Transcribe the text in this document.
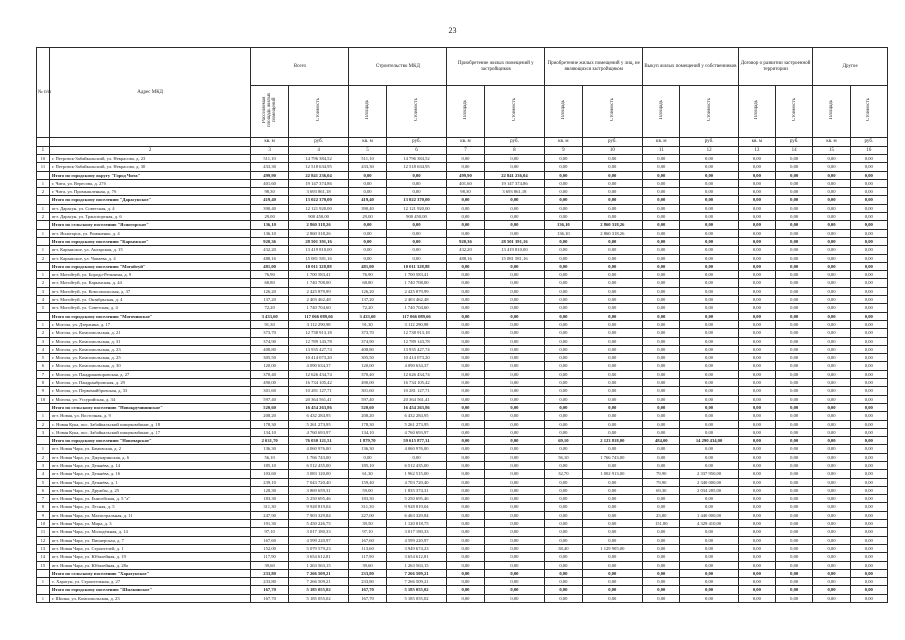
23
№ п/п	Адрес МКД	Всего		Строительство МКД		Приобретение жилых помещений у застройщиков		Приобретение жилых помещений у лиц, не являющихся застройщиком		Выкуп жилых помещений у собственников		Договор о развитии застроенной территории		Другое	
		Расселяемая площадь жилых помещений	Стоимость	Площадь	Стоимость	Площадь	Стоимость	Площадь	Стоимость	Площадь	Стоимость	Площадь	Стоимость	Площадь	Стоимость
		кв. м	руб.	кв. м	руб.	кв. м	руб.	кв. м	руб.	кв. м	руб.	кв. м	руб.	кв. м	руб.
1	2	3	4	5	6	7	8	9	10	11	12	13	14	15	16
10	г. Петровск-Забайкальский, ул. Некрасова, д. 23	511,10	14 796 384,52	511,10	14 796 384,52	0,00	0,00	0,00	0,00	0,00	0,00	0,00	0,00	0,00	0,00
11	г. Петровск-Забайкальский, ул. Некрасова, д. 30	433,30	12 518 634,95	433,30	12 518 634,95	0,00	0,00	0,00	0,00	0,00	0,00	0,00	0,00	0,00	0,00
	Итого по городскому округу "Город Чита"	499,90	22 841 236,04	0,00	0,00	499,90	22 841 236,04	0,00	0,00	0,00	0,00	0,00	0,00	0,00	0,00
1	г. Чита, ул. Вересова, д. 27б	401,60	19 147 374,86	0,00	0,00	401,60	19 147 374,86	0,00	0,00	0,00	0,00	0,00	0,00	0,00	0,00
2	г. Чита, ул. Промышленная, д. 7б	98,30	3 693 861,18	0,00	0,00	98,30	3 693 861,18	0,00	0,00	0,00	0,00	0,00	0,00	0,00	0,00
	Итого по городскому поселению "Дарасунское"	419,40	13 022 370,00	419,40	13 022 370,00	0,00	0,00	0,00	0,00	0,00	0,00	0,00	0,00	0,00	0,00
1	пгт. Дарасун, ул. Советская, д. 4	390,40	12 121 920,00	390,40	12 121 920,00	0,00	0,00	0,00	0,00	0,00	0,00	0,00	0,00	0,00	0,00
2	пгт. Дарасун, ул. Транспортная, д. 6	29,00	900 450,00	29,00	900 450,00	0,00	0,00	0,00	0,00	0,00	0,00	0,00	0,00	0,00	0,00
	Итого по сельскому поселению "Ясногорское"	136,10	2 860 318,26	0,00	0,00	0,00	0,00	136,10	2 860 318,26	0,00	0,00	0,00	0,00	0,00	0,00
1	пгт. Ясногорск, ул. Романенко, д. 4	136,10	2 860 318,26	0,00	0,00	0,00	0,00	136,10	2 860 318,26	0,00	0,00	0,00	0,00	0,00	0,00
	Итого по городскому поселению "Карымское"	920,36	28 501 391,16	0,00	0,00	920,36	28 501 391,16	0,00	0,00	0,00	0,00	0,00	0,00	0,00	0,00
1	пгт. Карымское, ул. Ангарская, д. 15	432,20	13 419 810,00	0,00	0,00	432,20	13 419 810,00	0,00	0,00	0,00	0,00	0,00	0,00	0,00	0,00
2	пгт. Карымское, ул. Чапаева, д. 4	488,16	15 081 581,16	0,00	0,00	488,16	15 081 581,16	0,00	0,00	0,00	0,00	0,00	0,00	0,00	0,00
	Итого по городскому поселению "Могойтуй"	481,00	10 011 328,88	481,00	10 011 328,88	0,00	0,00	0,00	0,00	0,00	0,00	0,00	0,00	0,00	0,00
1	пгт. Могойтуй, ул. Бородо-Рельчина, д. 9	76,90	1 700 583,41	76,90	1 700 583,41	0,00	0,00	0,00	0,00	0,00	0,00	0,00	0,00	0,00	0,00
2	пгт. Могойтуй, ул. Карымская, д. 44	68,80	1 740 708,00	68,80	1 740 708,00	0,00	0,00	0,00	0,00	0,00	0,00	0,00	0,00	0,00	0,00
3	пгт. Могойтуй, ул. Комсомольская, д. 37	126,20	2 425 879,99	126,20	2 425 879,99	0,00	0,00	0,00	0,00	0,00	0,00	0,00	0,00	0,00	0,00
4	пгт. Могойтуй, ул. Октябрьская, д. 4	137,20	2 403 462,48	137,20	2 403 462,48	0,00	0,00	0,00	0,00	0,00	0,00	0,00	0,00	0,00	0,00
5	пгт. Могойтуй, ул. Советская, д. 4	72,20	1 740 704,60	72,20	1 740 704,60	0,00	0,00	0,00	0,00	0,00	0,00	0,00	0,00	0,00	0,00
	Итого по городскому поселению "Могочинское"	3 433,60	117 066 089,66	3 433,60	117 066 089,66	0,00	0,00	0,00	0,00	0,00	0,00	0,00	0,00	0,00	0,00
1	г. Могоча, ул. Дзержина, д. 17	91,30	3 112 290,98	91,30	3 112 290,98	0,00	0,00	0,00	0,00	0,00	0,00	0,00	0,00	0,00	0,00
2	г. Могоча, ул. Комсомольская, д. 21	373,70	12 738 913,18	373,70	12 738 913,18	0,00	0,00	0,00	0,00	0,00	0,00	0,00	0,00	0,00	0,00
3	г. Могоча, ул. Комсомольская, д. 31	374,90	12 789 143,78	374,90	12 789 143,78	0,00	0,00	0,00	0,00	0,00	0,00	0,00	0,00	0,00	0,00
4	г. Могоча, ул. Комсомольская, д. 23	408,80	13 935 427,74	408,80	13 935 427,74	0,00	0,00	0,00	0,00	0,00	0,00	0,00	0,00	0,00	0,00
5	г. Могоча, ул. Комсомольская, д. 25	305,50	10 414 073,20	305,50	10 414 073,20	0,00	0,00	0,00	0,00	0,00	0,00	0,00	0,00	0,00	0,00
6	г. Могоча, ул. Комсомольская, д. 30	120,00	4 090 634,37	120,00	4 090 634,37	0,00	0,00	0,00	0,00	0,00	0,00	0,00	0,00	0,00	0,00
7	г. Могоча, ул. Пандрановоровская, д. 27	370,40	12 626 434,74	370,40	12 626 434,74	0,00	0,00	0,00	0,00	0,00	0,00	0,00	0,00	0,00	0,00
8	г. Могоча, ул. Пандранбровская, д. 29	490,00	16 734 105,42	490,00	16 734 105,42	0,00	0,00	0,00	0,00	0,00	0,00	0,00	0,00	0,00	0,00
9	г. Могоча, ул. Первомайбровская, д. 33	301,60	10 281 127,71	301,60	10 281 127,71	0,00	0,00	0,00	0,00	0,00	0,00	0,00	0,00	0,00	0,00
10	г. Могоча, ул. Уссурийская, д. 34	597,40	20 364 561,41	597,40	20 364 561,41	0,00	0,00	0,00	0,00	0,00	0,00	0,00	0,00	0,00	0,00
	Итого по сельскому поселению "Новокручининское"	520,60	16 454 263,86	520,60	16 454 263,86	0,00	0,00	0,00	0,00	0,00	0,00	0,00	0,00	0,00	0,00
1	пгт. Новая, ул. Восточная, д. 9	208,20	6 432 284,95	208,20	6 432 284,95	0,00	0,00	0,00	0,00	0,00	0,00	0,00	0,00	0,00	0,00
2	с. Новая Кука, пос. Забайкальский пищекомбинат, д. 18	178,30	5 261 273,95	178,30	5 261 273,95	0,00	0,00	0,00	0,00	0,00	0,00	0,00	0,00	0,00	0,00
3	с. Новая Кука, пос. Забайкальский пищекомбинат, д. 17	134,10	4 760 693,97	134,10	4 760 693,97	0,00	0,00	0,00	0,00	0,00	0,00	0,00	0,00	0,00	0,00
	Итого по городскому поселению "Новочарское"	2 631,70	76 030 121,51	1 879,70	59 615 877,31	0,00	0,00	69,10	2 123 818,00	484,00	14 290 434,00	0,00	0,00	0,00	0,00
1	пгт. Новая Чара, ул. Бамовская, д. 2	136,30	4 060 976,00	136,30	4 060 976,00	0,00	0,00	0,00	0,00	0,00	0,00	0,00	0,00	0,00	0,00
2	пгт. Новая Чара, ул. Джукаринская, д. 6	56,10	1 766 743,00	0,00	0,00	0,00	0,00	56,10	1 766 743,00	0,00	0,00	0,00	0,00	0,00	0,00
3	пгт. Новая Чара, ул. Дежнёва, д. 14	185,10	6 512 435,00	185,10	6 512 435,00	0,00	0,00	0,00	0,00	0,00	0,00	0,00	0,00	0,00	0,00
4	пгт. Новая Чара, ул. Дежнёва, д. 16	103,60	3 083 120,00	61,30	1 962 515,00	0,00	0,00	32,70	1 002 913,00	79,90	2 337 950,00	0,00	0,00	0,00	0,00
5	пгт. Новая Чара, ул. Дежнёва, д. 1	239,10	7 043 720,40	159,40	4 703 720,40	0,00	0,00	0,00	0,00	79,90	2 340 000,00	0,00	0,00	0,00	0,00
6	пгт. Новая Чара, ул. Дружбы, д. 25	128,30	3 869 659,31	59,00	1 835 374,31	0,00	0,00	0,00	0,00	69,30	2 034 285,00	0,00	0,00	0,00	0,00
7	пгт. Новая Чара, ул. Енисейская, д. 5 "а"	183,30	5 250 695,46	183,30	5 250 695,46	0,00	0,00	0,00	0,00	0,00	0,00	0,00	0,00	0,00	0,00
8	пгт. Новая Чара, ул. Лесная, д. 5	311,30	9 928 819,04	311,30	9 928 819,04	0,00	0,00	0,00	0,00	0,00	0,00	0,00	0,00	0,00	0,00
9	пгт. Новая Чара, ул. Магистральная, д. 11	247,90	7 903 329,84	227,00	6 463 329,84	0,00	0,00	0,00	0,00	23,80	1 440 000,00	0,00	0,00	0,00	0,00
10	пгт. Новая Чара, ул. Мира, д. 3	191,30	5 450 226,75	39,50	1 120 818,75	0,00	0,00	0,00	0,00	151,80	4 329 410,00	0,00	0,00	0,00	0,00
11	пгт. Новая Чара, ул. Молодёжная, д. 14	97,10	3 017 180,33	97,10	3 017 180,33	0,00	0,00	0,00	0,00	0,00	0,00	0,00	0,00	0,00	0,00
12	пгт. Новая Чара, ул. Пионерская, д. 7	167,60	4 599 220,97	167,60	4 599 220,97	0,00	0,00	0,00	0,00	0,00	0,00	0,00	0,00	0,00	0,00
13	пгт. Новая Чара, ул. Строителей, д. 1	152,00	5 079 579,23	113,60	3 949 674,23	0,00	0,00	38,40	1 129 905,00	0,00	0,00	0,00	0,00	0,00	0,00
14	пгт. Новая Чара, ул. Юбилейная, д. 19	117,90	3 654 612,81	117,90	3 654 612,81	0,00	0,00	0,00	0,00	0,00	0,00	0,00	0,00	0,00	0,00
15	пгт. Новая Чара, ул. Юбилейная, д. 28а	39,60	1 263 563,15	39,60	1 263 563,15	0,00	0,00	0,00	0,00	0,00	0,00	0,00	0,00	0,00	0,00
	Итого по сельскому поселению "Харагунское"	233,80	7 266 509,21	233,80	7 266 509,21	0,00	0,00	0,00	0,00	0,00	0,00	0,00	0,00	0,00	0,00
1	с. Харагун, ул. Строительная, д. 27	233,80	7 266 509,21	233,80	7 266 509,21	0,00	0,00	0,00	0,00	0,00	0,00	0,00	0,00	0,00	0,00
	Итого по городскому поселению "Шилкинское"	167,70	5 185 055,02	167,70	5 185 055,02	0,00	0,00	0,00	0,00	0,00	0,00	0,00	0,00	0,00	0,00
1	г. Шилка, ул. Комсомольская, д. 23	167,70	5 185 055,02	167,70	5 185 055,02	0,00	0,00	0,00	0,00	0,00	0,00	0,00	0,00	0,00	0,00
